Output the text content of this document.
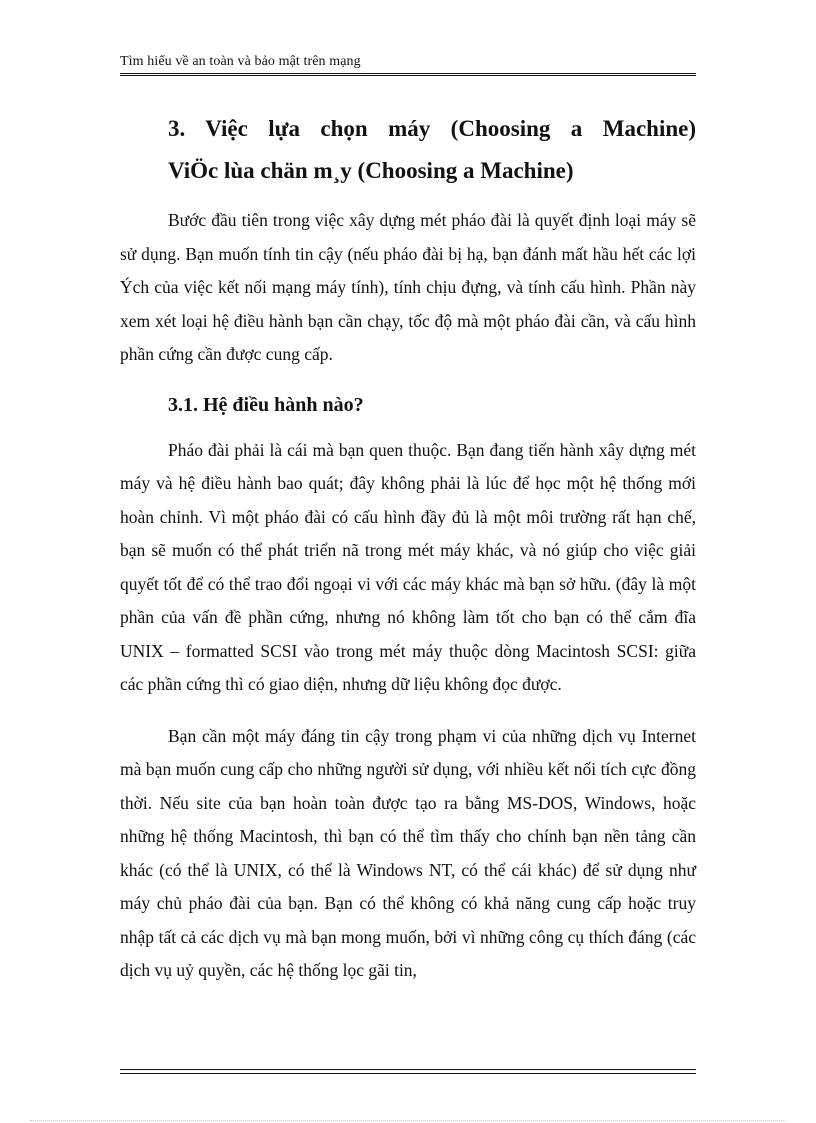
Tìm hiểu về an toàn và bảo mật trên mạng
3. Việc lựa chọn máy (Choosing a Machine)
ViÖc lùa chän m¸y (Choosing a Machine)

Bước đầu tiên trong việc xây dựng mét pháo đài là quyết định loại máy sẽ sử dụng. Bạn muốn tính tin cậy (nếu pháo đài bị hạ, bạn đánh mất hầu hết các lợi Ých của việc kết nối mạng máy tính), tính chịu đựng, và tính cấu hình. Phần này xem xét loại hệ điều hành bạn cần chạy, tốc độ mà một pháo đài cần, và cấu hình phần cứng cần được cung cấp.

3.1. Hệ điều hành nào?

Pháo đài phải là cái mà bạn quen thuộc. Bạn đang tiến hành xây dựng mét máy và hệ điều hành bao quát; đây không phải là lúc để học một hệ thống mới hoàn chỉnh. Vì một pháo đài có cấu hình đầy đủ là một môi trường rất hạn chế, bạn sẽ muốn có thể phát triển nã trong mét máy khác, và nó giúp cho việc giải quyết tốt để có thể trao đổi ngoại vi với các máy khác mà bạn sở hữu. (đây là một phần của vấn đề phần cứng, nhưng nó không làm tốt cho bạn có thể cắm đĩa UNIX – formatted SCSI vào trong mét máy thuộc dòng Macintosh SCSI: giữa các phần cứng thì có giao diện, nhưng dữ liệu không đọc được.

Bạn cần một máy đáng tin cậy trong phạm vi của những dịch vụ Internet mà bạn muốn cung cấp cho những người sử dụng, với nhiều kết nối tích cực đồng thời. Nếu site của bạn hoàn toàn được tạo ra bằng MS-DOS, Windows, hoặc những hệ thống Macintosh, thì bạn có thể tìm thấy cho chính bạn nền tảng cần khác (có thể là UNIX, có thể là Windows NT, có thể cái khác) để sử dụng như máy chủ pháo đài của bạn. Bạn có thể không có khả năng cung cấp hoặc truy nhập tất cả các dịch vụ mà bạn mong muốn, bởi vì những công cụ thích đáng (các dịch vụ uỷ quyền, các hệ thống lọc gãi tin,
